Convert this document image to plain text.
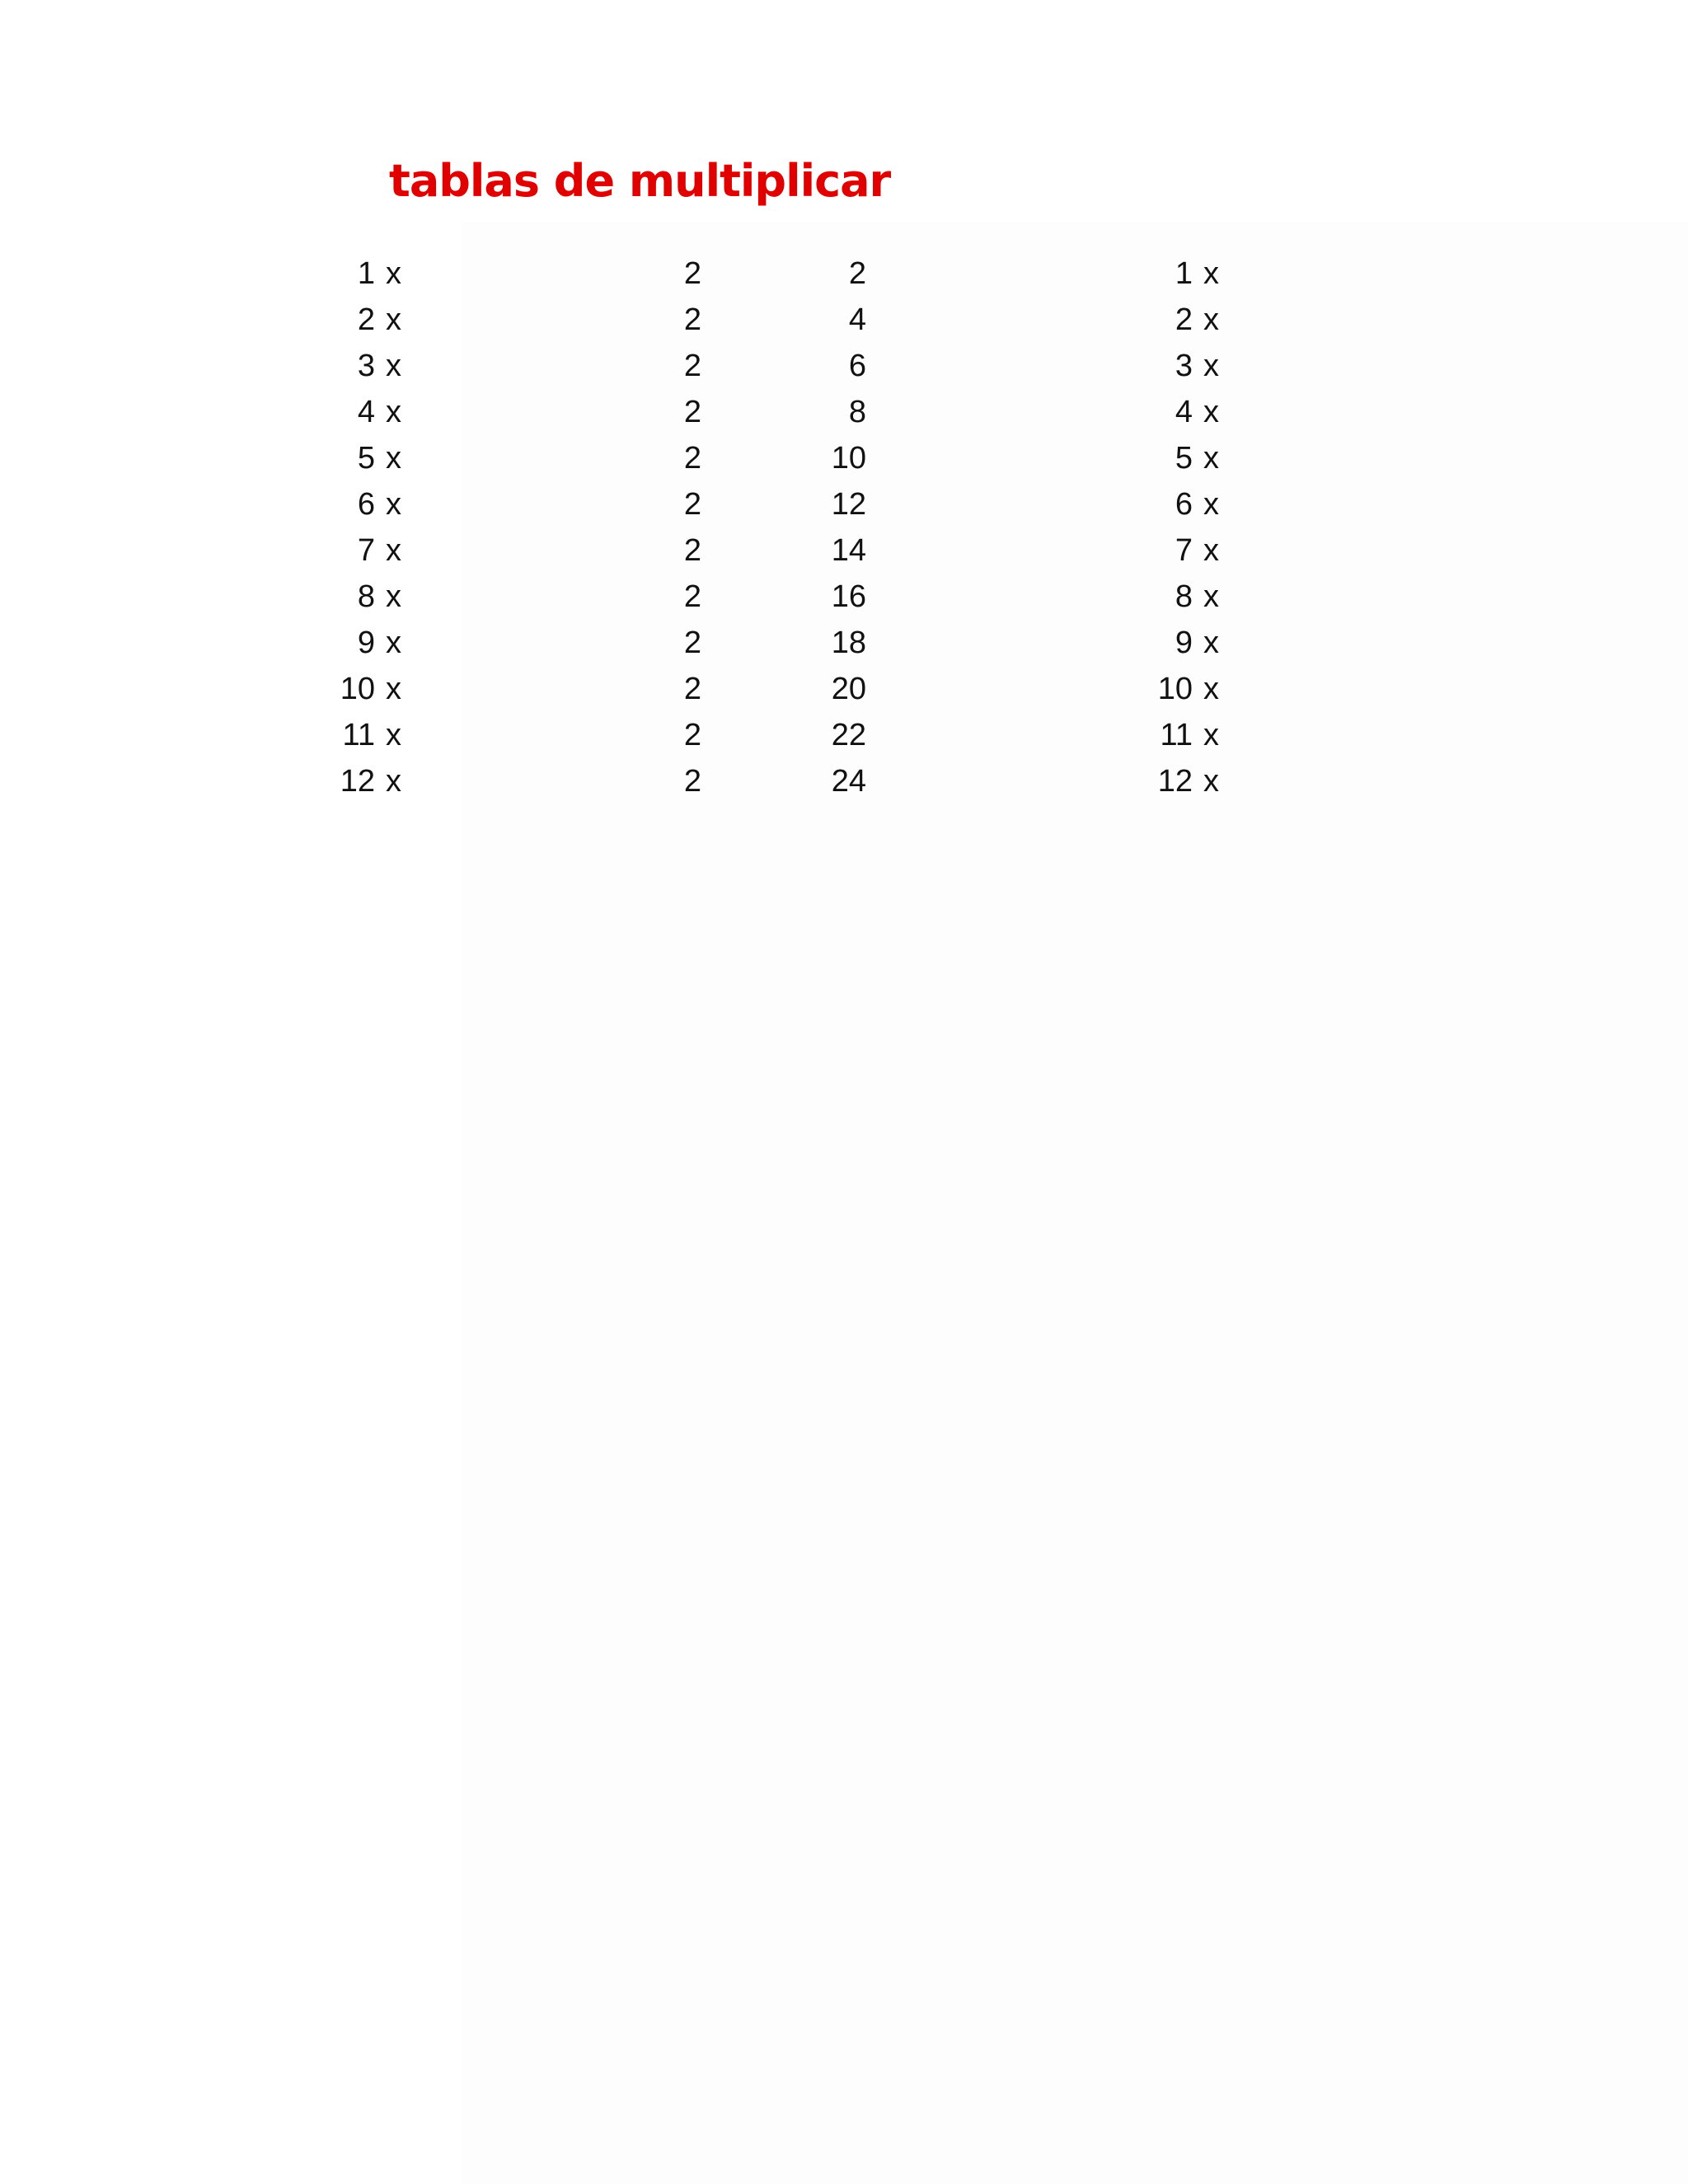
tablas de multiplicar
1 x	2	2	1 x
2 x	2	4	2 x
3 x	2	6	3 x
4 x	2	8	4 x
5 x	2	10	5 x
6 x	2	12	6 x
7 x	2	14	7 x
8 x	2	16	8 x
9 x	2	18	9 x
10 x	2	20	10 x
11 x	2	22	11 x
12 x	2	24	12 x
